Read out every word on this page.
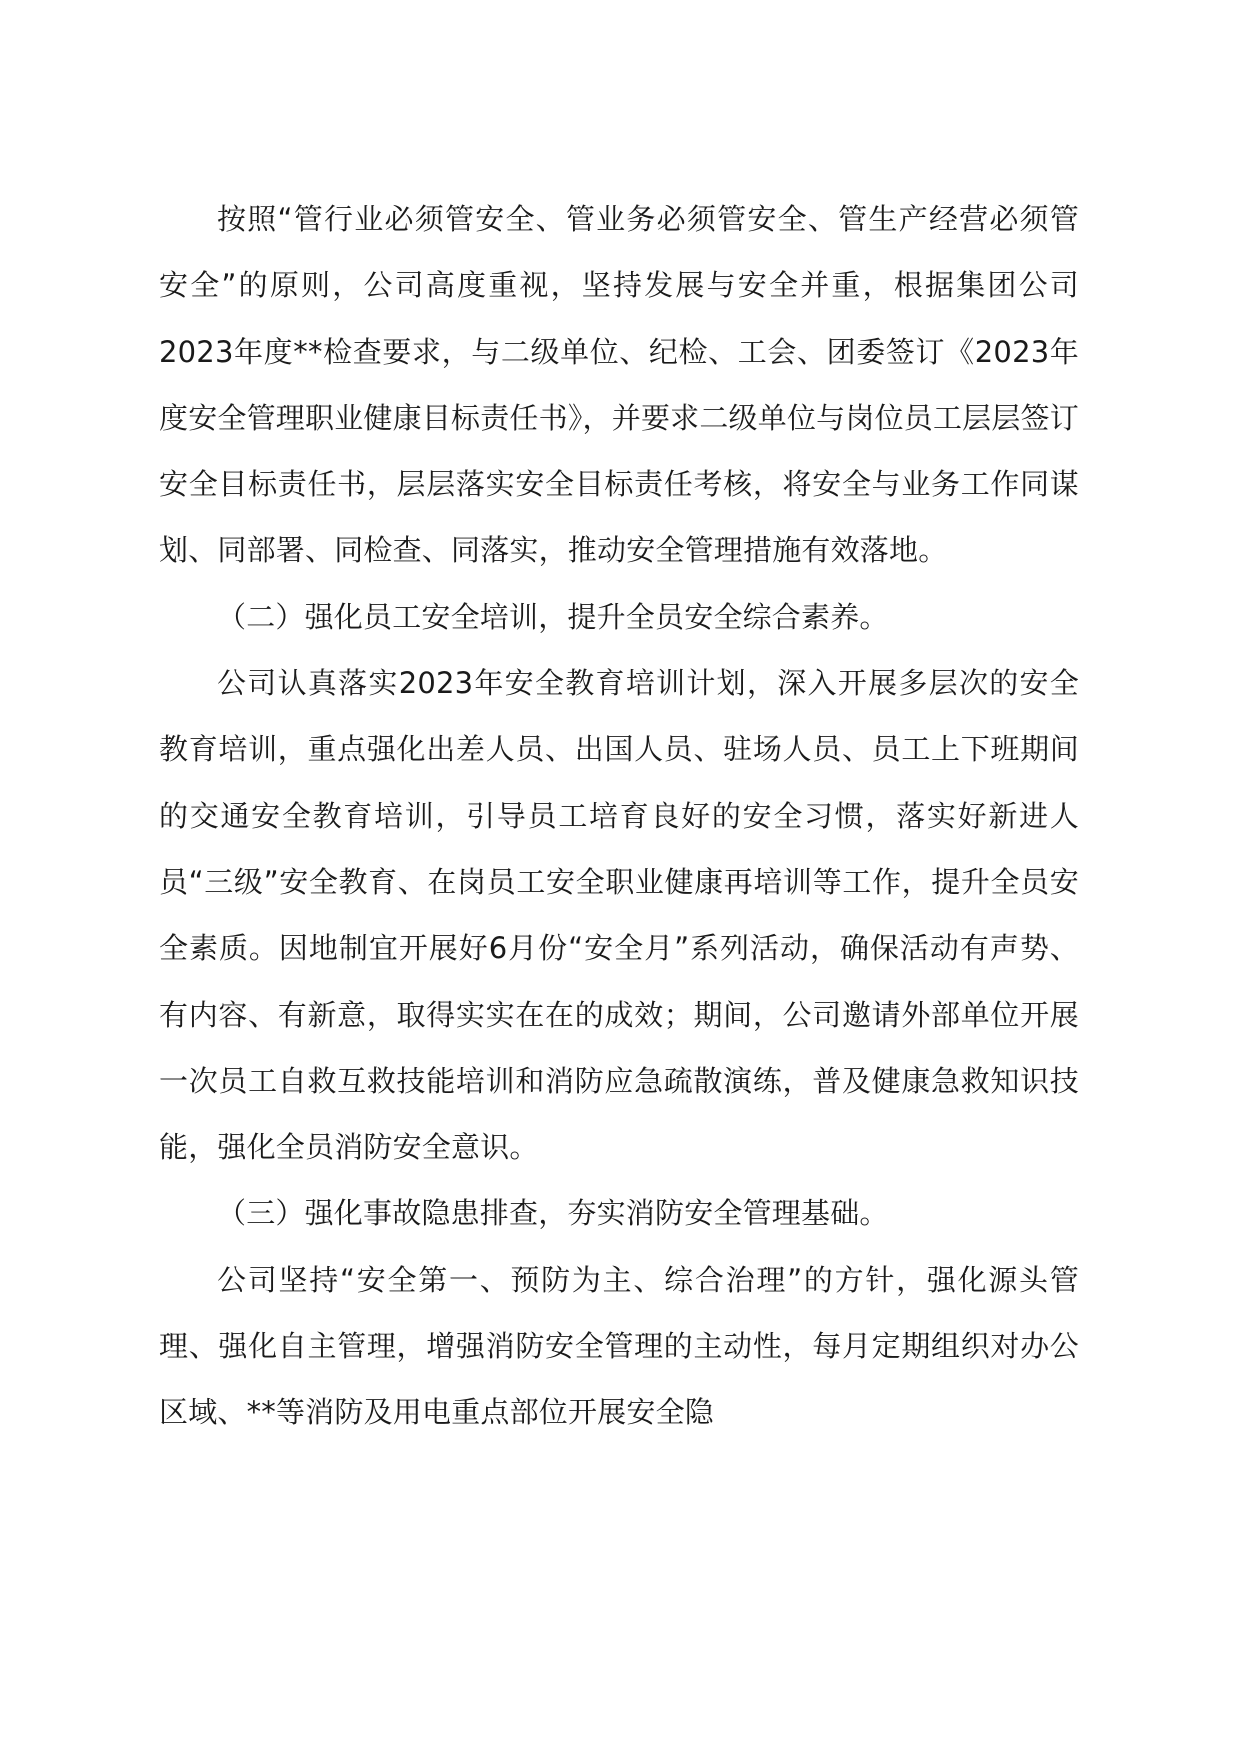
按照“管行业必须管安全、管业务必须管安全、管生产经营必须管安全”的原则，公司高度重视，坚持发展与安全并重，根据集团公司2023年度**检查要求，与二级单位、纪检、工会、团委签订《2023年度安全管理职业健康目标责任书》，并要求二级单位与岗位员工层层签订安全目标责任书，层层落实安全目标责任考核，将安全与业务工作同谋划、同部署、同检查、同落实，推动安全管理措施有效落地。

（二）强化员工安全培训，提升全员安全综合素养。

公司认真落实2023年安全教育培训计划，深入开展多层次的安全教育培训，重点强化出差人员、出国人员、驻场人员、员工上下班期间的交通安全教育培训，引导员工培育良好的安全习惯，落实好新进人员“三级”安全教育、在岗员工安全职业健康再培训等工作，提升全员安全素质。因地制宜开展好6月份“安全月”系列活动，确保活动有声势、有内容、有新意，取得实实在在的成效；期间，公司邀请外部单位开展一次员工自救互救技能培训和消防应急疏散演练，普及健康急救知识技能，强化全员消防安全意识。

（三）强化事故隐患排查，夯实消防安全管理基础。

公司坚持“安全第一、预防为主、综合治理”的方针，强化源头管理、强化自主管理，增强消防安全管理的主动性，每月定期组织对办公区域、**等消防及用电重点部位开展安全隐
